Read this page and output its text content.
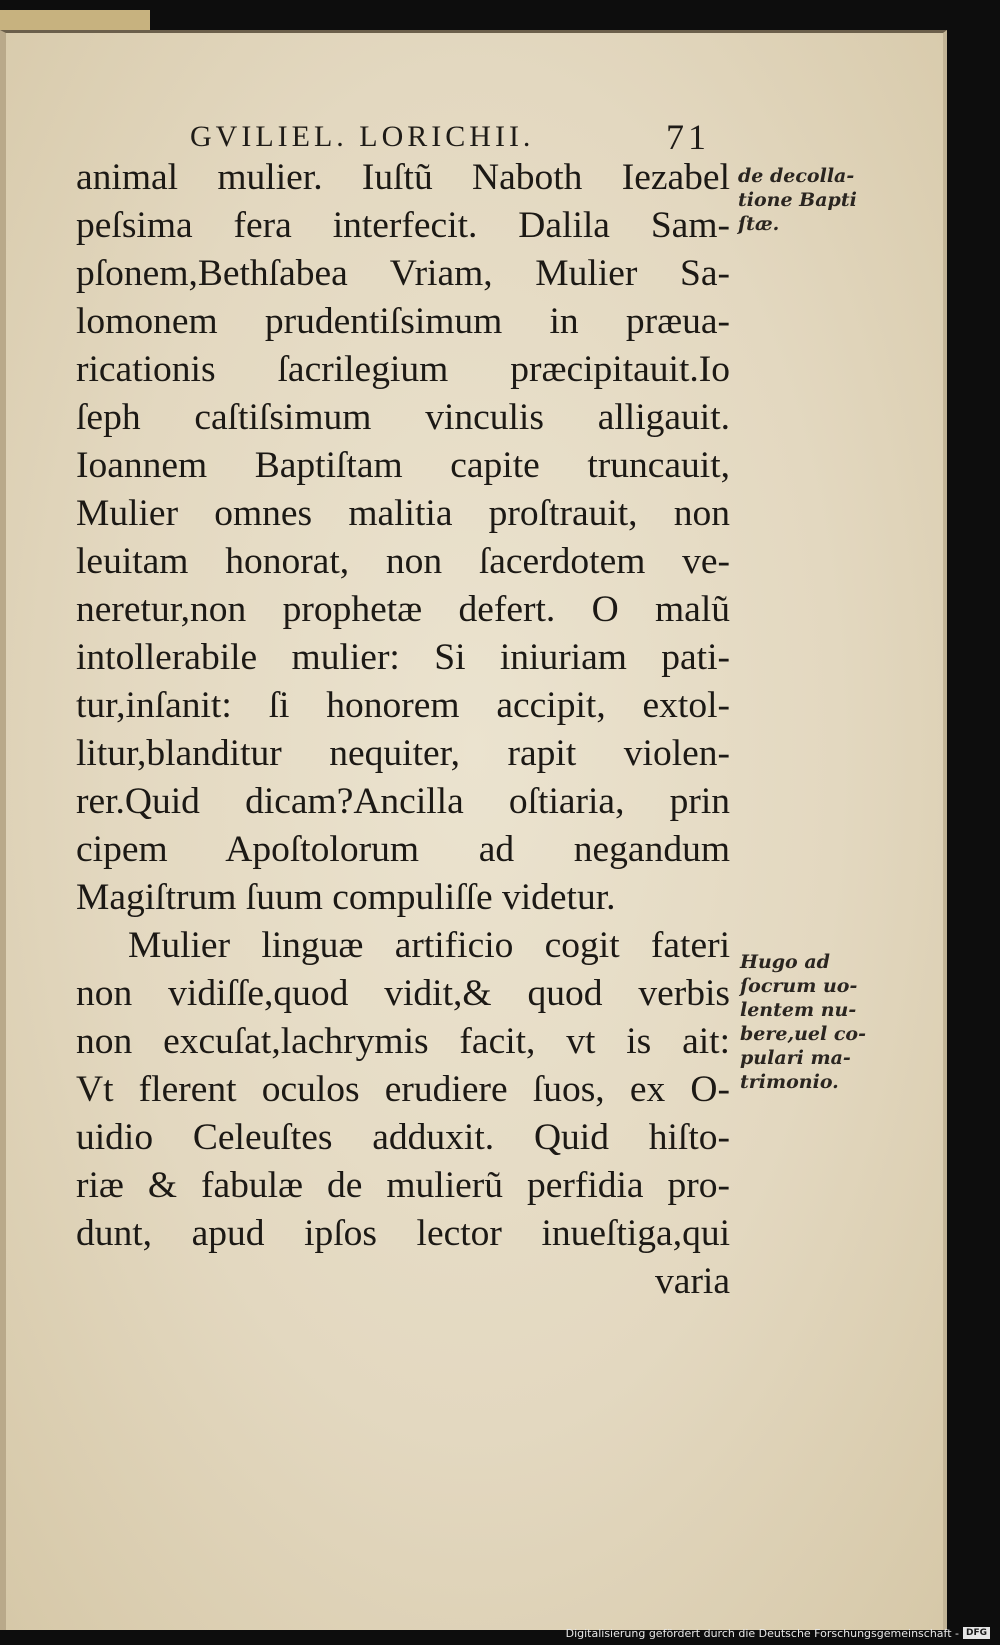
GVILIEL. LORICHII.	71
animal mulier. Iuſtũ Naboth Iezabel
peſsima fera interfecit. Dalila Sam-
pſonem,Bethſabea Vriam, Mulier Sa-
lomonem prudentiſsimum in præua-
ricationis ſacrilegium præcipitauit.Io
ſeph caſtiſsimum vinculis alligauit.
Ioannem Baptiſtam capite truncauit,
Mulier omnes malitia proſtrauit, non
leuitam honorat, non ſacerdotem ve-
neretur,non prophetæ defert. O malũ
intollerabile mulier: Si iniuriam pati-
tur,inſanit: ſi honorem accipit, extol-
litur,blanditur nequiter, rapit violen-
rer.Quid dicam?Ancilla oſtiaria, prin
cipem Apoſtolorum ad negandum
Magiſtrum ſuum compuliſſe videtur.
Mulier linguæ artificio cogit fateri
non vidiſſe,quod vidit,& quod verbis
non excuſat,lachrymis facit, vt is ait:
Vt flerent oculos erudiere ſuos, ex O-
uidio Celeuſtes adduxit. Quid hiſto-
riæ & fabulæ de mulierũ perfidia pro-
dunt, apud ipſos lector inueſtiga,qui
varia
de decolla-
tione Bapti
ſtæ.
Hugo ad
ſocrum uo-
lentem nu-
bere,uel co-
pulari ma-
trimonio.
Digitalisierung gefördert durch die Deutsche Forschungsgemeinschaft - DFG
